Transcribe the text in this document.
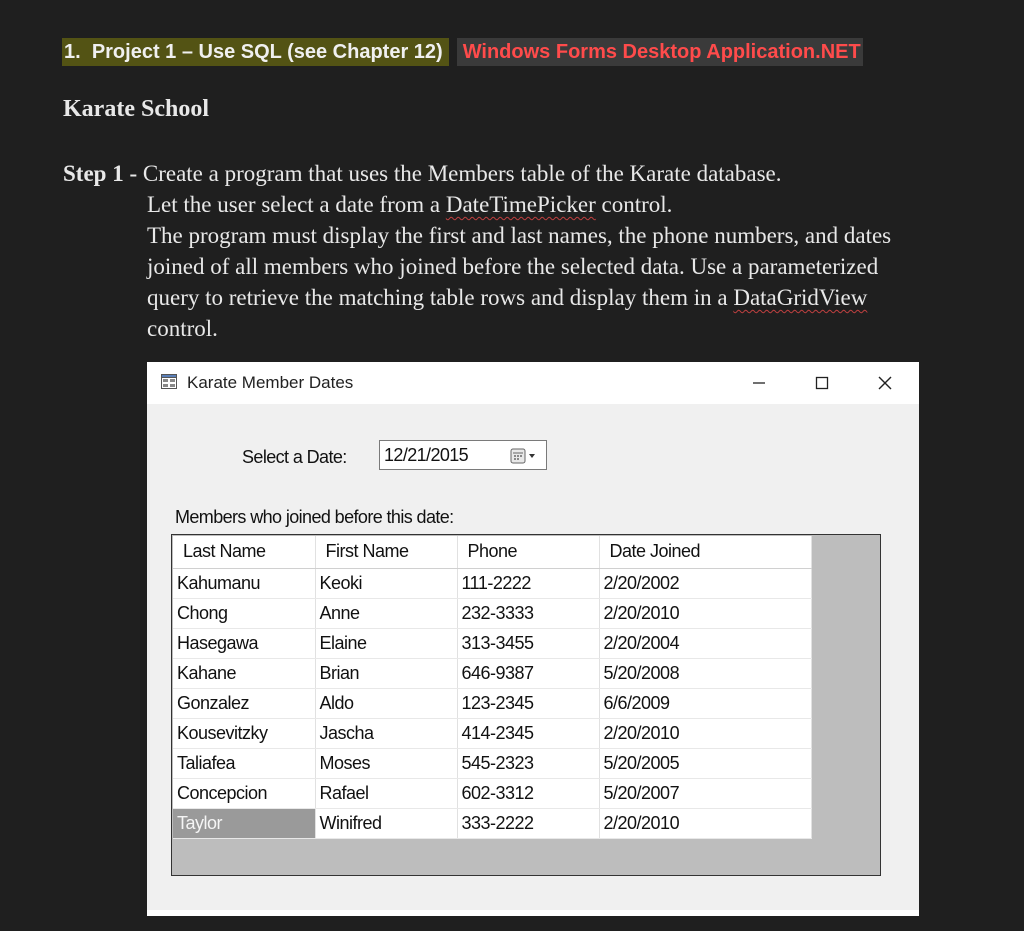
1. Project 1 – Use SQL (see Chapter 12)	Windows Forms Desktop Application.NET
Karate School
Step 1 - Create a program that uses the Members table of the Karate database.
Let the user select a date from a DateTimePicker control.
The program must display the first and last names, the phone numbers, and dates
joined of all members who joined before the selected data. Use a parameterized
query to retrieve the matching table rows and display them in a DataGridView
control.
Karate Member Dates
Select a Date: 12/21/2015
Members who joined before this date:
Last Name	First Name	Phone	Date Joined
Kahumanu	Keoki	111-2222	2/20/2002
Chong	Anne	232-3333	2/20/2010
Hasegawa	Elaine	313-3455	2/20/2004
Kahane	Brian	646-9387	5/20/2008
Gonzalez	Aldo	123-2345	6/6/2009
Kousevitzky	Jascha	414-2345	2/20/2010
Taliafea	Moses	545-2323	5/20/2005
Concepcion	Rafael	602-3312	5/20/2007
Taylor	Winifred	333-2222	2/20/2010
